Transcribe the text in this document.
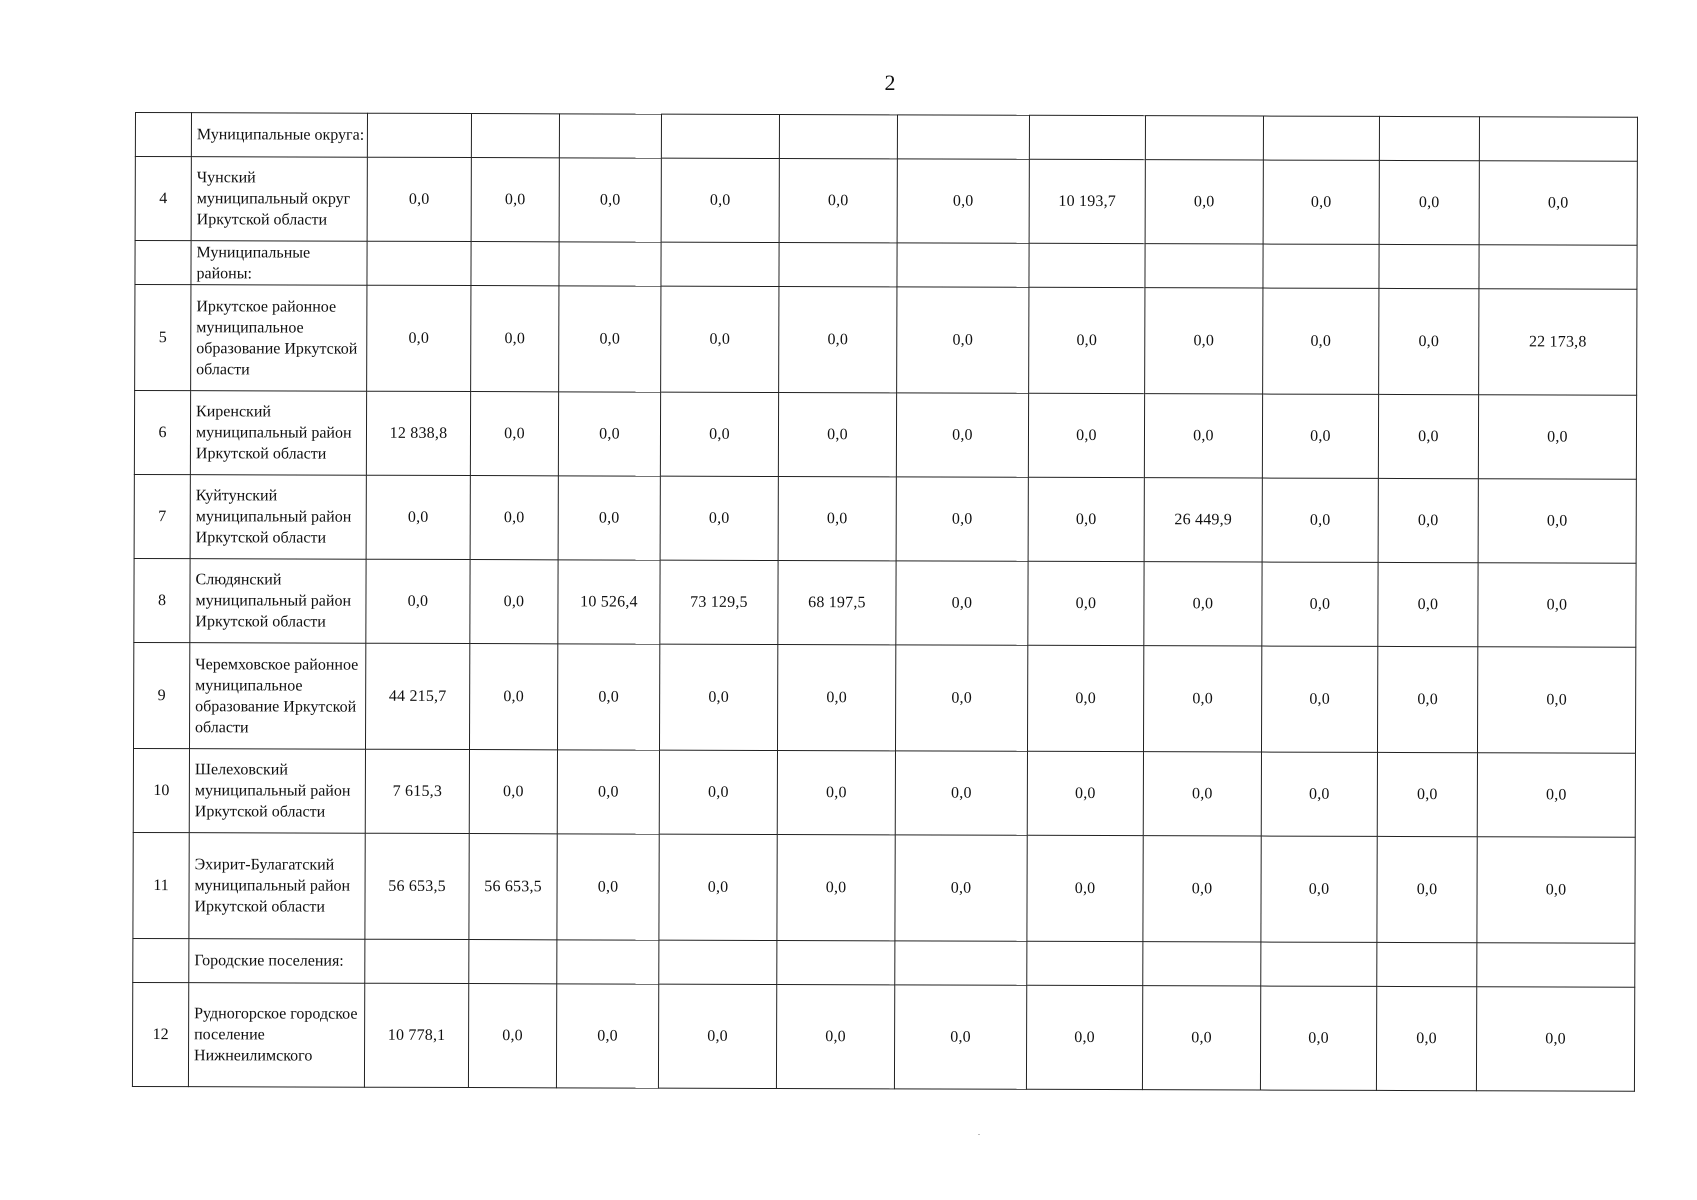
2
	Муниципальные округа:											
4	Чунский муниципальный округ Иркутской области	0,0	0,0	0,0	0,0	0,0	0,0	10 193,7	0,0	0,0	0,0	0,0
	Муниципальные районы:											
5	Иркутское районное муниципальное образование Иркутской области	0,0	0,0	0,0	0,0	0,0	0,0	0,0	0,0	0,0	0,0	22 173,8
6	Киренский муниципальный район Иркутской области	12 838,8	0,0	0,0	0,0	0,0	0,0	0,0	0,0	0,0	0,0	0,0
7	Куйтунский муниципальный район Иркутской области	0,0	0,0	0,0	0,0	0,0	0,0	0,0	26 449,9	0,0	0,0	0,0
8	Слюдянский муниципальный район Иркутской области	0,0	0,0	10 526,4	73 129,5	68 197,5	0,0	0,0	0,0	0,0	0,0	0,0
9	Черемховское районное муниципальное образование Иркутской области	44 215,7	0,0	0,0	0,0	0,0	0,0	0,0	0,0	0,0	0,0	0,0
10	Шелеховский муниципальный район Иркутской области	7 615,3	0,0	0,0	0,0	0,0	0,0	0,0	0,0	0,0	0,0	0,0
11	Эхирит-Булагатский муниципальный район Иркутской области	56 653,5	56 653,5	0,0	0,0	0,0	0,0	0,0	0,0	0,0	0,0	0,0
	Городские поселения:											
12	Рудногорское городское поселение Нижнеилимского	10 778,1	0,0	0,0	0,0	0,0	0,0	0,0	0,0	0,0	0,0	0,0
